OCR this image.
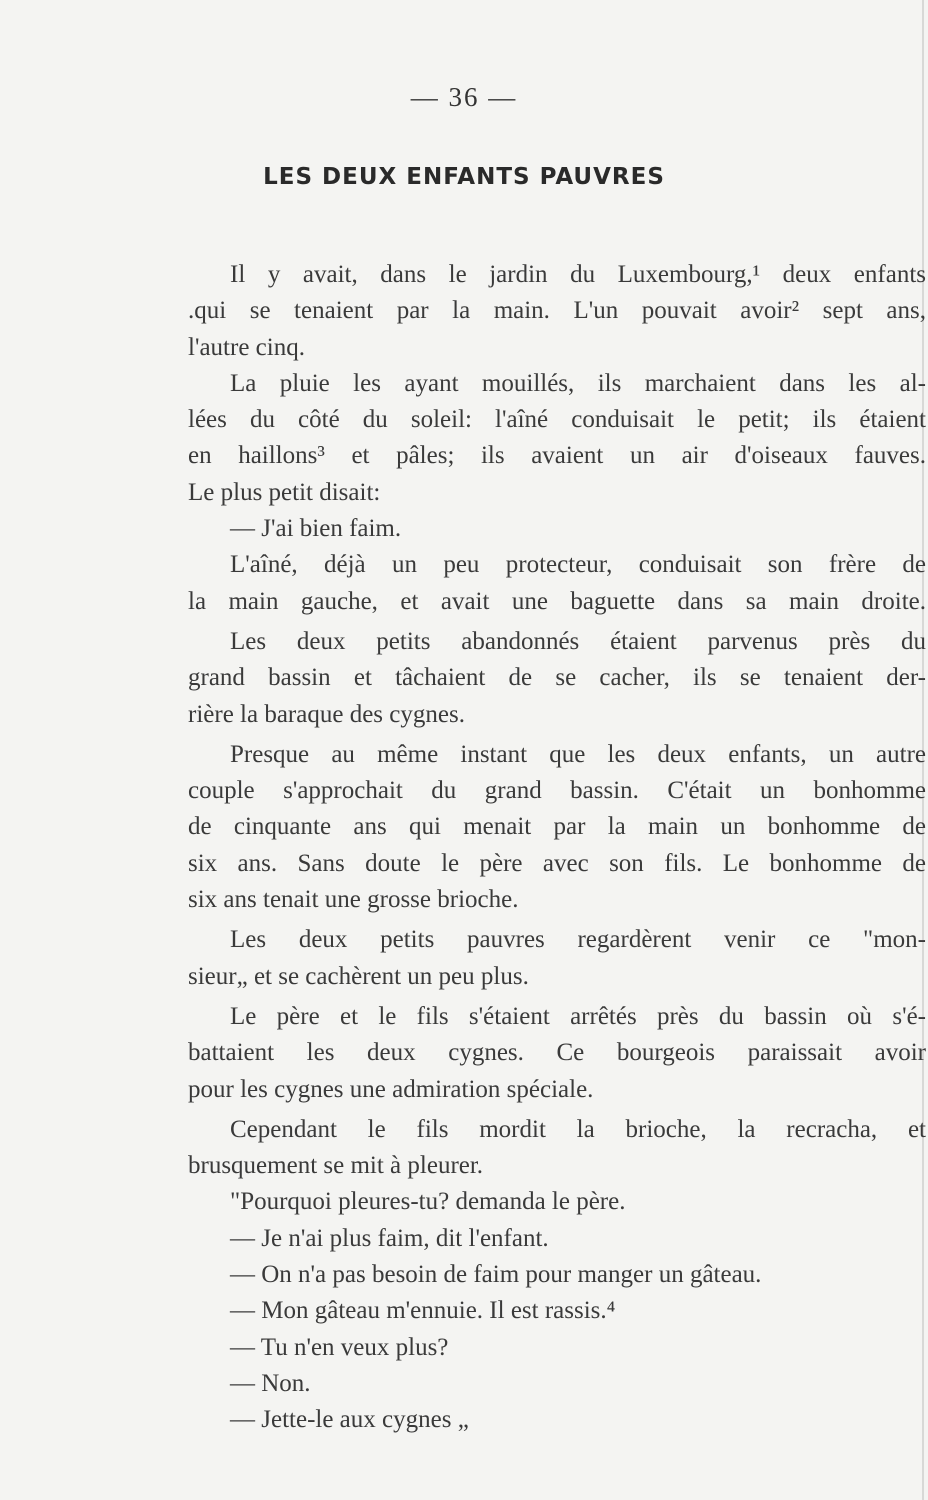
— 36 —
LES DEUX ENFANTS PAUVRES
Il y avait, dans le jardin du Luxembourg,¹ deux enfants
.qui se tenaient par la main. L'un pouvait avoir² sept ans,
l'autre cinq.
La pluie les ayant mouillés, ils marchaient dans les al-
lées du côté du soleil: l'aîné conduisait le petit; ils étaient
en haillons³ et pâles; ils avaient un air d'oiseaux fauves.
Le plus petit disait:
— J'ai bien faim.
L'aîné, déjà un peu protecteur, conduisait son frère de
la main gauche, et avait une baguette dans sa main droite.
Les deux petits abandonnés étaient parvenus près du
grand bassin et tâchaient de se cacher, ils se tenaient der-
rière la baraque des cygnes.
Presque au même instant que les deux enfants, un autre
couple s'approchait du grand bassin. C'était un bonhomme
de cinquante ans qui menait par la main un bonhomme de
six ans. Sans doute le père avec son fils. Le bonhomme de
six ans tenait une grosse brioche.
Les deux petits pauvres regardèrent venir ce "mon-
sieur„ et se cachèrent un peu plus.
Le père et le fils s'étaient arrêtés près du bassin où s'é-
battaient les deux cygnes. Ce bourgeois paraissait avoir
pour les cygnes une admiration spéciale.
Cependant le fils mordit la brioche, la recracha, et
brusquement se mit à pleurer.
"Pourquoi pleures-tu? demanda le père.
— Je n'ai plus faim, dit l'enfant.
— On n'a pas besoin de faim pour manger un gâteau.
— Mon gâteau m'ennuie. Il est rassis.⁴
— Tu n'en veux plus?
— Non.
— Jette-le aux cygnes „
